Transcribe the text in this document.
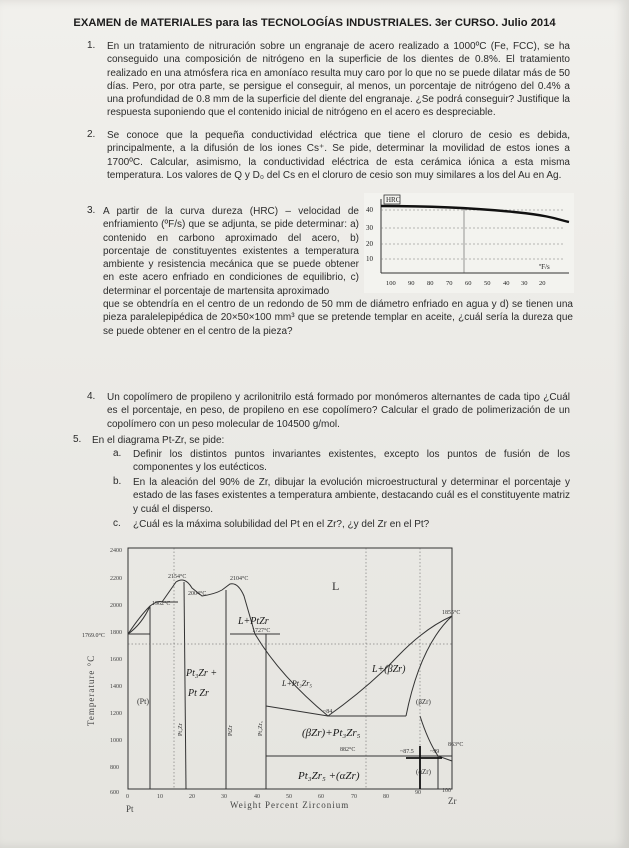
EXAMEN de MATERIALES para las TECNOLOGÍAS INDUSTRIALES. 3er CURSO. Julio 2014
1. En un tratamiento de nitruración sobre un engranaje de acero realizado a 1000ºC (Fe, FCC), se ha conseguido una composición de nitrógeno en la superficie de los dientes de 0.8%. El tratamiento realizado en una atmósfera rica en amoníaco resulta muy caro por lo que no se puede dilatar más de 50 días. Pero, por otra parte, se persigue el conseguir, al menos, un porcentaje de nitrógeno del 0.4% a una profundidad de 0.8 mm de la superficie del diente del engranaje. ¿Se podrá conseguir? Justifique la respuesta suponiendo que el contenido inicial de nitrógeno en el acero es despreciable.
2. Se conoce que la pequeña conductividad eléctrica que tiene el cloruro de cesio es debida, principalmente, a la difusión de los iones Cs⁺. Se pide, determinar la movilidad de estos iones a 1700ºC. Calcular, asimismo, la conductividad eléctrica de esta cerámica iónica a esta misma temperatura. Los valores de Q y D₀ del Cs en el cloruro de cesio son muy similares a los del Au en Ag.
3. A partir de la curva dureza (HRC) – velocidad de enfriamiento (ºF/s) que se adjunta, se pide determinar: a) contenido en carbono aproximado del acero, b) porcentaje de constituyentes existentes a temperatura ambiente y resistencia mecánica que se puede obtener en este acero enfriado en condiciones de equilibrio, c) determinar el porcentaje de martensita aproximado
que se obtendría en el centro de un redondo de 50 mm de diámetro enfriado en agua y d) se tienen una pieza paralelepipédica de 20×50×100 mm³ que se pretende templar en aceite, ¿cuál sería la dureza que se puede obtener en el centro de la pieza?
HRC
40
30
20
10
ºF/s
100 90 80 70 60 50 40 30 20
4. Un copolímero de propileno y acrilonitrilo está formado por monómeros alternantes de cada tipo ¿Cuál es el porcentaje, en peso, de propileno en ese copolímero? Calcular el grado de polimerización de un copolímero con un peso molecular de 104500 g/mol.
5. En el diagrama Pt-Zr, se pide:
a. Definir los distintos puntos invariantes existentes, excepto los puntos de fusión de los componentes y los eutécticos.
b. En la aleación del 90% de Zr, dibujar la evolución microestructural y determinar el porcentaje y estado de las fases existentes a temperatura ambiente, destacando cuál es el constituyente matriz y cuál el disperso.
c. ¿Cuál es la máxima solubilidad del Pt en el Zr?, ¿y del Zr en el Pt?
2400
2200
2000
1800
1600
1400
1200
1000
800
600
Temperature °C
0	10	20	30	40	50	60	70	80
90	100
Pt
Zr
Weight Percent Zirconium
2154°C	2104°C
2004°C
1962°C
1855°C
1769.0°C
1727°C
882°C
863°C
~84
~87.5	~99
L
(Pt)	(βZr)
(αZr)
Pt₃Zr	PtZr	Pt₃Zr₅
L+PtZr
Pt₃Zr +
Pt Zr
L+Pt₃Zr₅
L+(βZr)
(βZr)+Pt₃Zr₅
Pt₃Zr₅ +(αZr)
